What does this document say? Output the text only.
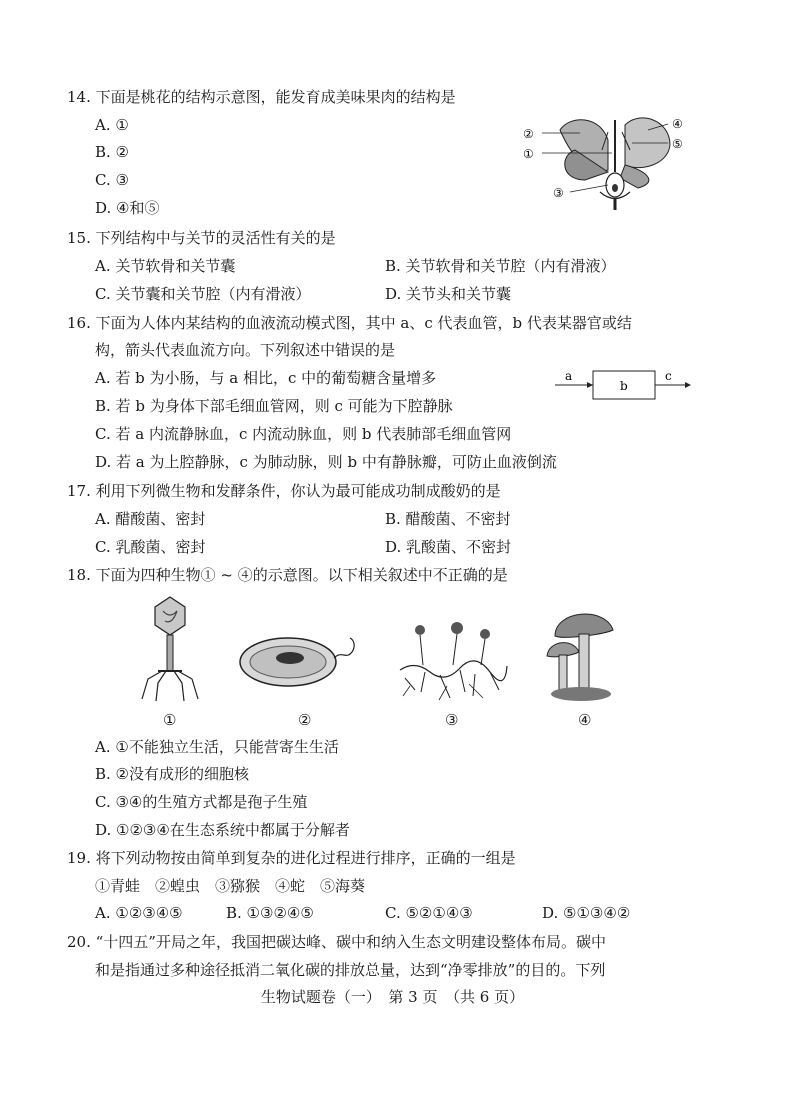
14. 下面是桃花的结构示意图，能发育成美味果肉的结构是
A. ①
B. ②
C. ③
D. ④和⑤
②
①
③
④
⑤
15. 下列结构中与关节的灵活性有关的是
A. 关节软骨和关节囊	B. 关节软骨和关节腔（内有滑液）
C. 关节囊和关节腔（内有滑液）	D. 关节头和关节囊
16. 下面为人体内某结构的血液流动模式图，其中 a、c 代表血管，b 代表某器官或结
构，箭头代表血流方向。下列叙述中错误的是
A. 若 b 为小肠，与 a 相比，c 中的葡萄糖含量增多
B. 若 b 为身体下部毛细血管网，则 c 可能为下腔静脉
C. 若 a 内流静脉血，c 内流动脉血，则 b 代表肺部毛细血管网
D. 若 a 为上腔静脉，c 为肺动脉，则 b 中有静脉瓣，可防止血液倒流
a
b
c
17. 利用下列微生物和发酵条件，你认为最可能成功制成酸奶的是
A. 醋酸菌、密封	B. 醋酸菌、不密封
C. 乳酸菌、密封	D. 乳酸菌、不密封
18. 下面为四种生物① ~ ④的示意图。以下相关叙述中不正确的是
①	②	③	④
A. ①不能独立生活，只能营寄生生活
B. ②没有成形的细胞核
C. ③④的生殖方式都是孢子生殖
D. ①②③④在生态系统中都属于分解者
19. 将下列动物按由简单到复杂的进化过程进行排序，正确的一组是
①青蛙　②蝗虫　③猕猴　④蛇　⑤海葵
A. ①②③④⑤	B. ①③②④⑤	C. ⑤②①④③	D. ⑤①③④②
20. “十四五”开局之年，我国把碳达峰、碳中和纳入生态文明建设整体布局。碳中
和是指通过多种途径抵消二氧化碳的排放总量，达到“净零排放”的目的。下列
生物试题卷（一）　第 3 页　（共 6 页）
